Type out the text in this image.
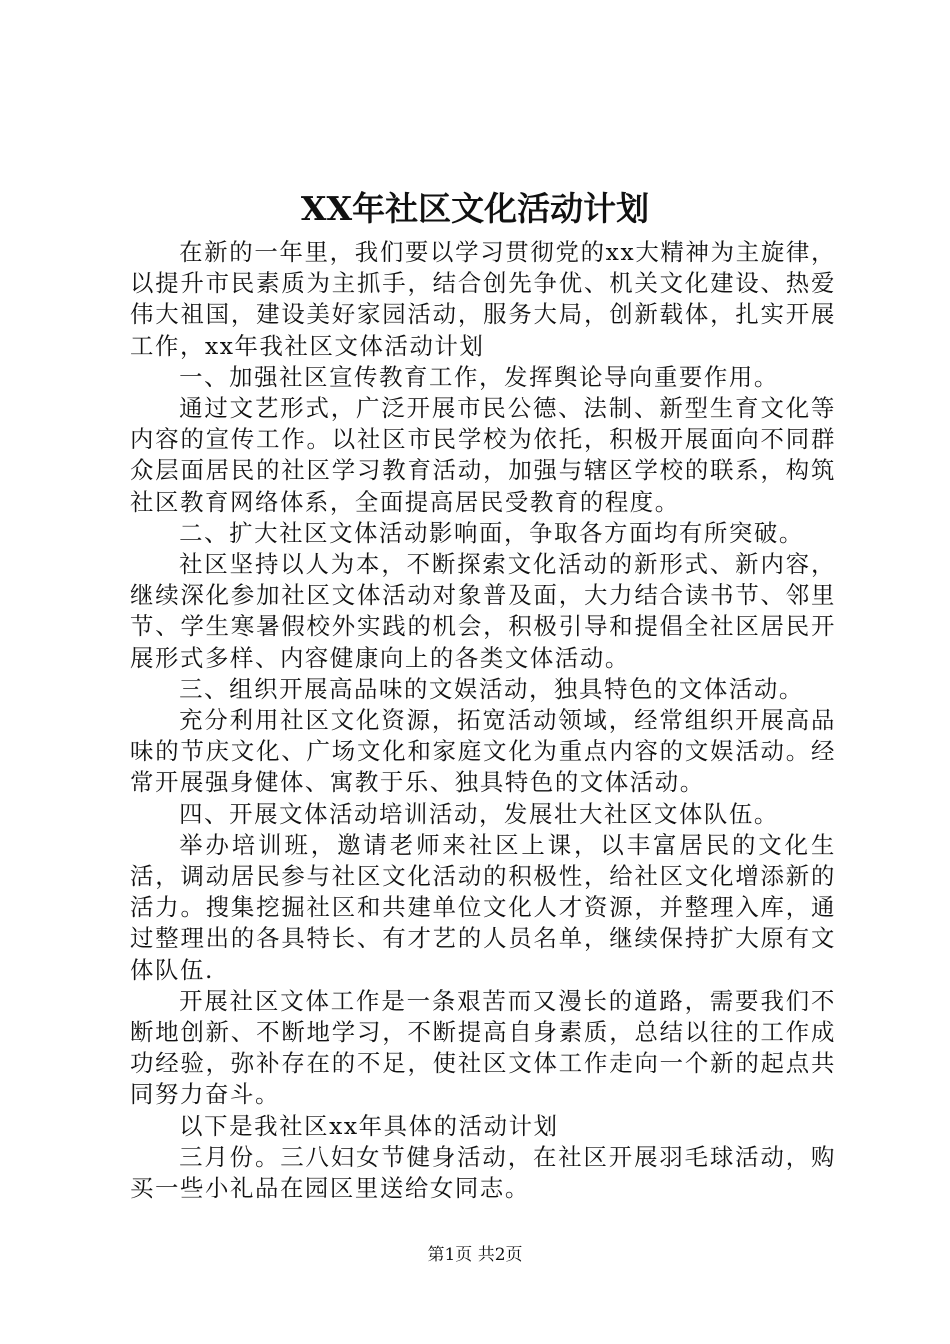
XX年社区文化活动计划

在新的一年里，我们要以学习贯彻党的xx大精神为主旋律，以提升市民素质为主抓手，结合创先争优、机关文化建设、热爱伟大祖国，建设美好家园活动，服务大局，创新载体，扎实开展工作，xx年我社区文体活动计划

一、加强社区宣传教育工作，发挥舆论导向重要作用。

通过文艺形式，广泛开展市民公德、法制、新型生育文化等内容的宣传工作。以社区市民学校为依托，积极开展面向不同群众层面居民的社区学习教育活动，加强与辖区学校的联系，构筑社区教育网络体系，全面提高居民受教育的程度。

二、扩大社区文体活动影响面，争取各方面均有所突破。

社区坚持以人为本，不断探索文化活动的新形式、新内容，继续深化参加社区文体活动对象普及面，大力结合读书节、邻里节、学生寒暑假校外实践的机会，积极引导和提倡全社区居民开展形式多样、内容健康向上的各类文体活动。

三、组织开展高品味的文娱活动，独具特色的文体活动。

充分利用社区文化资源，拓宽活动领域，经常组织开展高品味的节庆文化、广场文化和家庭文化为重点内容的文娱活动。经常开展强身健体、寓教于乐、独具特色的文体活动。

四、开展文体活动培训活动，发展壮大社区文体队伍。

举办培训班，邀请老师来社区上课，以丰富居民的文化生活，调动居民参与社区文化活动的积极性，给社区文化增添新的活力。搜集挖掘社区和共建单位文化人才资源，并整理入库，通过整理出的各具特长、有才艺的人员名单，继续保持扩大原有文体队伍.

开展社区文体工作是一条艰苦而又漫长的道路，需要我们不断地创新、不断地学习，不断提高自身素质，总结以往的工作成功经验，弥补存在的不足，使社区文体工作走向一个新的起点共同努力奋斗。

以下是我社区xx年具体的活动计划

三月份。三八妇女节健身活动，在社区开展羽毛球活动，购买一些小礼品在园区里送给女同志。

第1页 共2页
